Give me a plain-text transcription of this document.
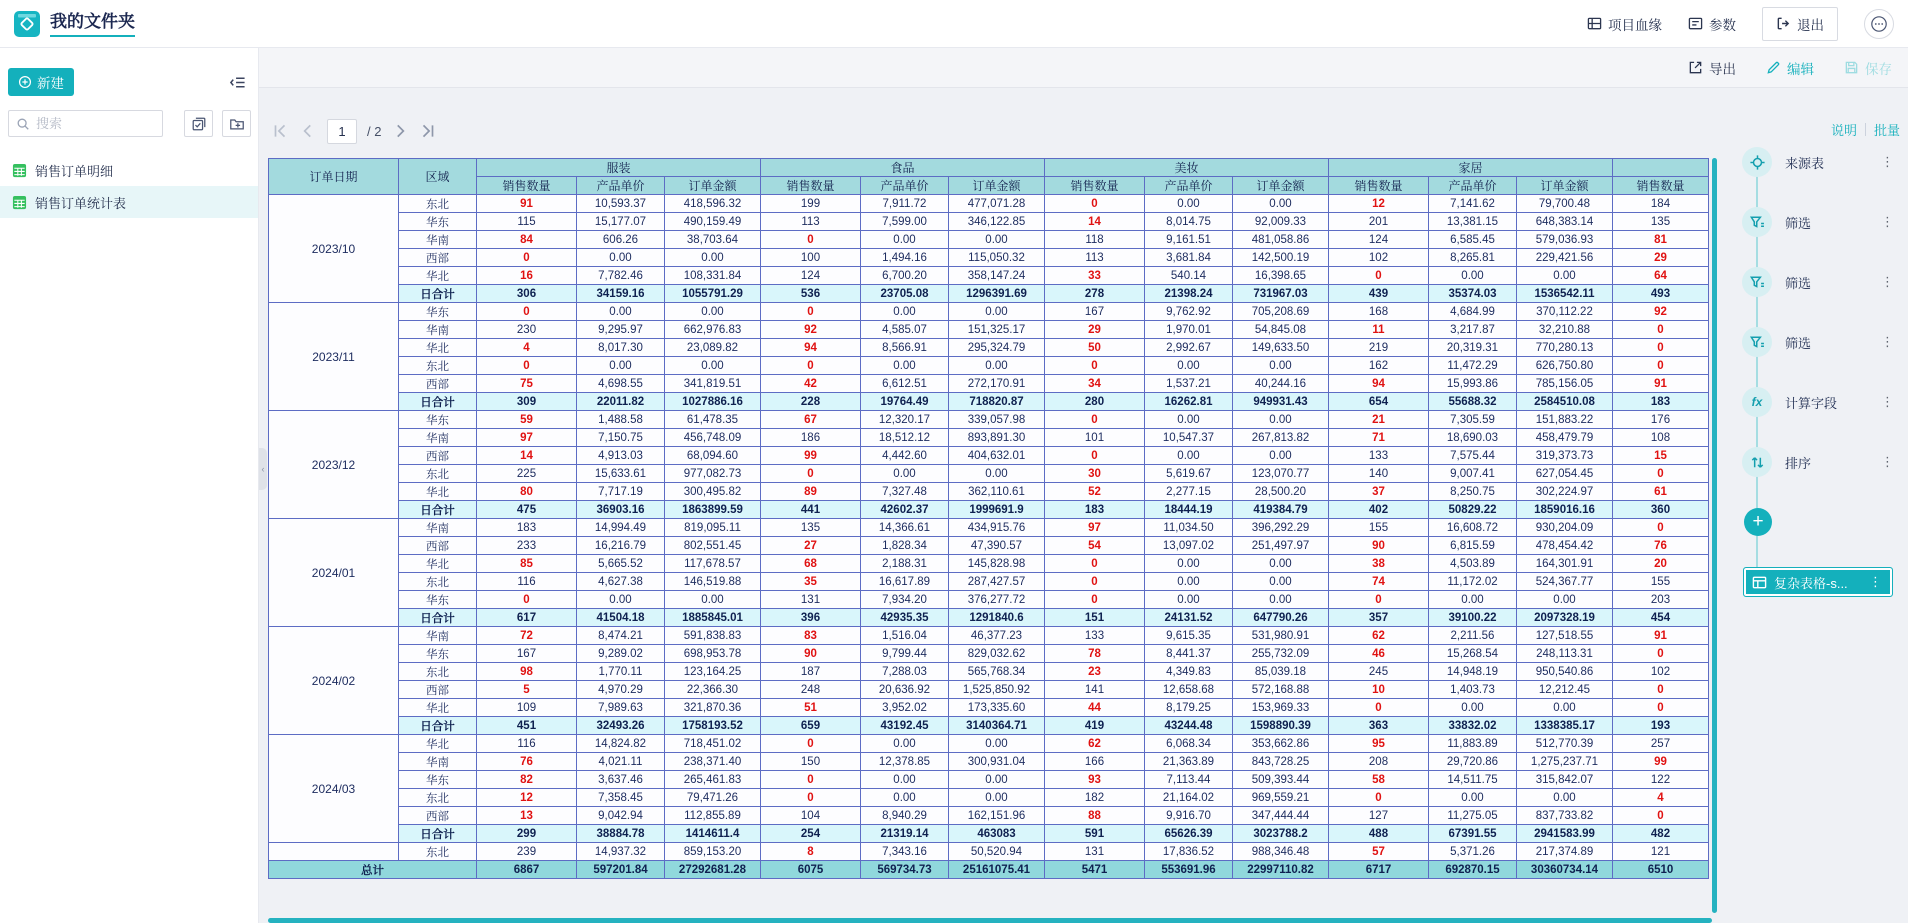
我的文件夹	项目血缘	参数	退出
新建
搜索
销售订单明细
销售订单统计表
导出	编辑	保存
1
/ 2
订单日期	区域	服装			食品			美妆			家居			
		销售数量	产品单价	订单金额	销售数量	产品单价	订单金额	销售数量	产品单价	订单金额	销售数量	产品单价	订单金额	销售数量
2023/10	东北	91	10,593.37	418,596.32	199	7,911.72	477,071.28	0	0.00	0.00	12	7,141.62	79,700.48	184
	华东	115	15,177.07	490,159.49	113	7,599.00	346,122.85	14	8,014.75	92,009.33	201	13,381.15	648,383.14	135
	华南	84	606.26	38,703.64	0	0.00	0.00	118	9,161.51	481,058.86	124	6,585.45	579,036.93	81
	西部	0	0.00	0.00	100	1,494.16	115,050.32	113	3,681.84	142,500.19	102	8,265.81	229,421.56	29
	华北	16	7,782.46	108,331.84	124	6,700.20	358,147.24	33	540.14	16,398.65	0	0.00	0.00	64
	日合计	306	34159.16	1055791.29	536	23705.08	1296391.69	278	21398.24	731967.03	439	35374.03	1536542.11	493
2023/11	华东	0	0.00	0.00	0	0.00	0.00	167	9,762.92	705,208.69	168	4,684.99	370,112.22	92
	华南	230	9,295.97	662,976.83	92	4,585.07	151,325.17	29	1,970.01	54,845.08	11	3,217.87	32,210.88	0
	华北	4	8,017.30	23,089.82	94	8,566.91	295,324.79	50	2,992.67	149,633.50	219	20,319.31	770,280.13	0
	东北	0	0.00	0.00	0	0.00	0.00	0	0.00	0.00	162	11,472.29	626,750.80	0
	西部	75	4,698.55	341,819.51	42	6,612.51	272,170.91	34	1,537.21	40,244.16	94	15,993.86	785,156.05	91
	日合计	309	22011.82	1027886.16	228	19764.49	718820.87	280	16262.81	949931.43	654	55688.32	2584510.08	183
2023/12	华东	59	1,488.58	61,478.35	67	12,320.17	339,057.98	0	0.00	0.00	21	7,305.59	151,883.22	176
	华南	97	7,150.75	456,748.09	186	18,512.12	893,891.30	101	10,547.37	267,813.82	71	18,690.03	458,479.79	108
	西部	14	4,913.03	68,094.60	99	4,442.60	404,632.01	0	0.00	0.00	133	7,575.44	319,373.73	15
	东北	225	15,633.61	977,082.73	0	0.00	0.00	30	5,619.67	123,070.77	140	9,007.41	627,054.45	0
	华北	80	7,717.19	300,495.82	89	7,327.48	362,110.61	52	2,277.15	28,500.20	37	8,250.75	302,224.97	61
	日合计	475	36903.16	1863899.59	441	42602.37	1999691.9	183	18444.19	419384.79	402	50829.22	1859016.16	360
2024/01	华南	183	14,994.49	819,095.11	135	14,366.61	434,915.76	97	11,034.50	396,292.29	155	16,608.72	930,204.09	0
	西部	233	16,216.79	802,551.45	27	1,828.34	47,390.57	54	13,097.02	251,497.97	90	6,815.59	478,454.42	76
	华北	85	5,665.52	117,678.57	68	2,188.31	145,828.98	0	0.00	0.00	38	4,503.89	164,301.91	20
	东北	116	4,627.38	146,519.88	35	16,617.89	287,427.57	0	0.00	0.00	74	11,172.02	524,367.77	155
	华东	0	0.00	0.00	131	7,934.20	376,277.72	0	0.00	0.00	0	0.00	0.00	203
	日合计	617	41504.18	1885845.01	396	42935.35	1291840.6	151	24131.52	647790.26	357	39100.22	2097328.19	454
2024/02	华南	72	8,474.21	591,838.83	83	1,516.04	46,377.23	133	9,615.35	531,980.91	62	2,211.56	127,518.55	91
	华东	167	9,289.02	698,953.78	90	9,799.44	829,032.62	78	8,441.37	255,732.09	46	15,268.54	248,113.31	0
	东北	98	1,770.11	123,164.25	187	7,288.03	565,768.34	23	4,349.83	85,039.18	245	14,948.19	950,540.86	102
	西部	5	4,970.29	22,366.30	248	20,636.92	1,525,850.92	141	12,658.68	572,168.88	10	1,403.73	12,212.45	0
	华北	109	7,989.63	321,870.36	51	3,952.02	173,335.60	44	8,179.25	153,969.33	0	0.00	0.00	0
	日合计	451	32493.26	1758193.52	659	43192.45	3140364.71	419	43244.48	1598890.39	363	33832.02	1338385.17	193
2024/03	华北	116	14,824.82	718,451.02	0	0.00	0.00	62	6,068.34	353,662.86	95	11,883.89	512,770.39	257
	华南	76	4,021.11	238,371.40	150	12,378.85	300,931.04	166	21,363.89	843,728.25	208	29,720.86	1,275,237.71	99
	华东	82	3,637.46	265,461.83	0	0.00	0.00	93	7,113.44	509,393.44	58	14,511.75	315,842.07	122
	东北	12	7,358.45	79,471.26	0	0.00	0.00	182	21,164.02	969,559.21	0	0.00	0.00	4
	西部	13	9,042.94	112,855.89	104	8,940.29	162,151.96	88	9,916.70	347,444.44	127	11,275.05	837,733.82	0
	日合计	299	38884.78	1414611.4	254	21319.14	463083	591	65626.39	3023788.2	488	67391.55	2941583.99	482
	东北	239	14,937.32	859,153.20	8	7,343.16	50,520.94	131	17,836.52	988,346.48	57	5,371.26	217,374.89	121
总计		6867	597201.84	27292681.28	6075	569734.73	25161075.41	5471	553691.96	22997110.82	6717	692870.15	30360734.14	6510
‹
说明 批量
来源表	⋮
筛选	⋮
筛选	⋮
筛选	⋮
fx 计算字段	⋮
排序	⋮
+
复杂表格-s...	⋮
